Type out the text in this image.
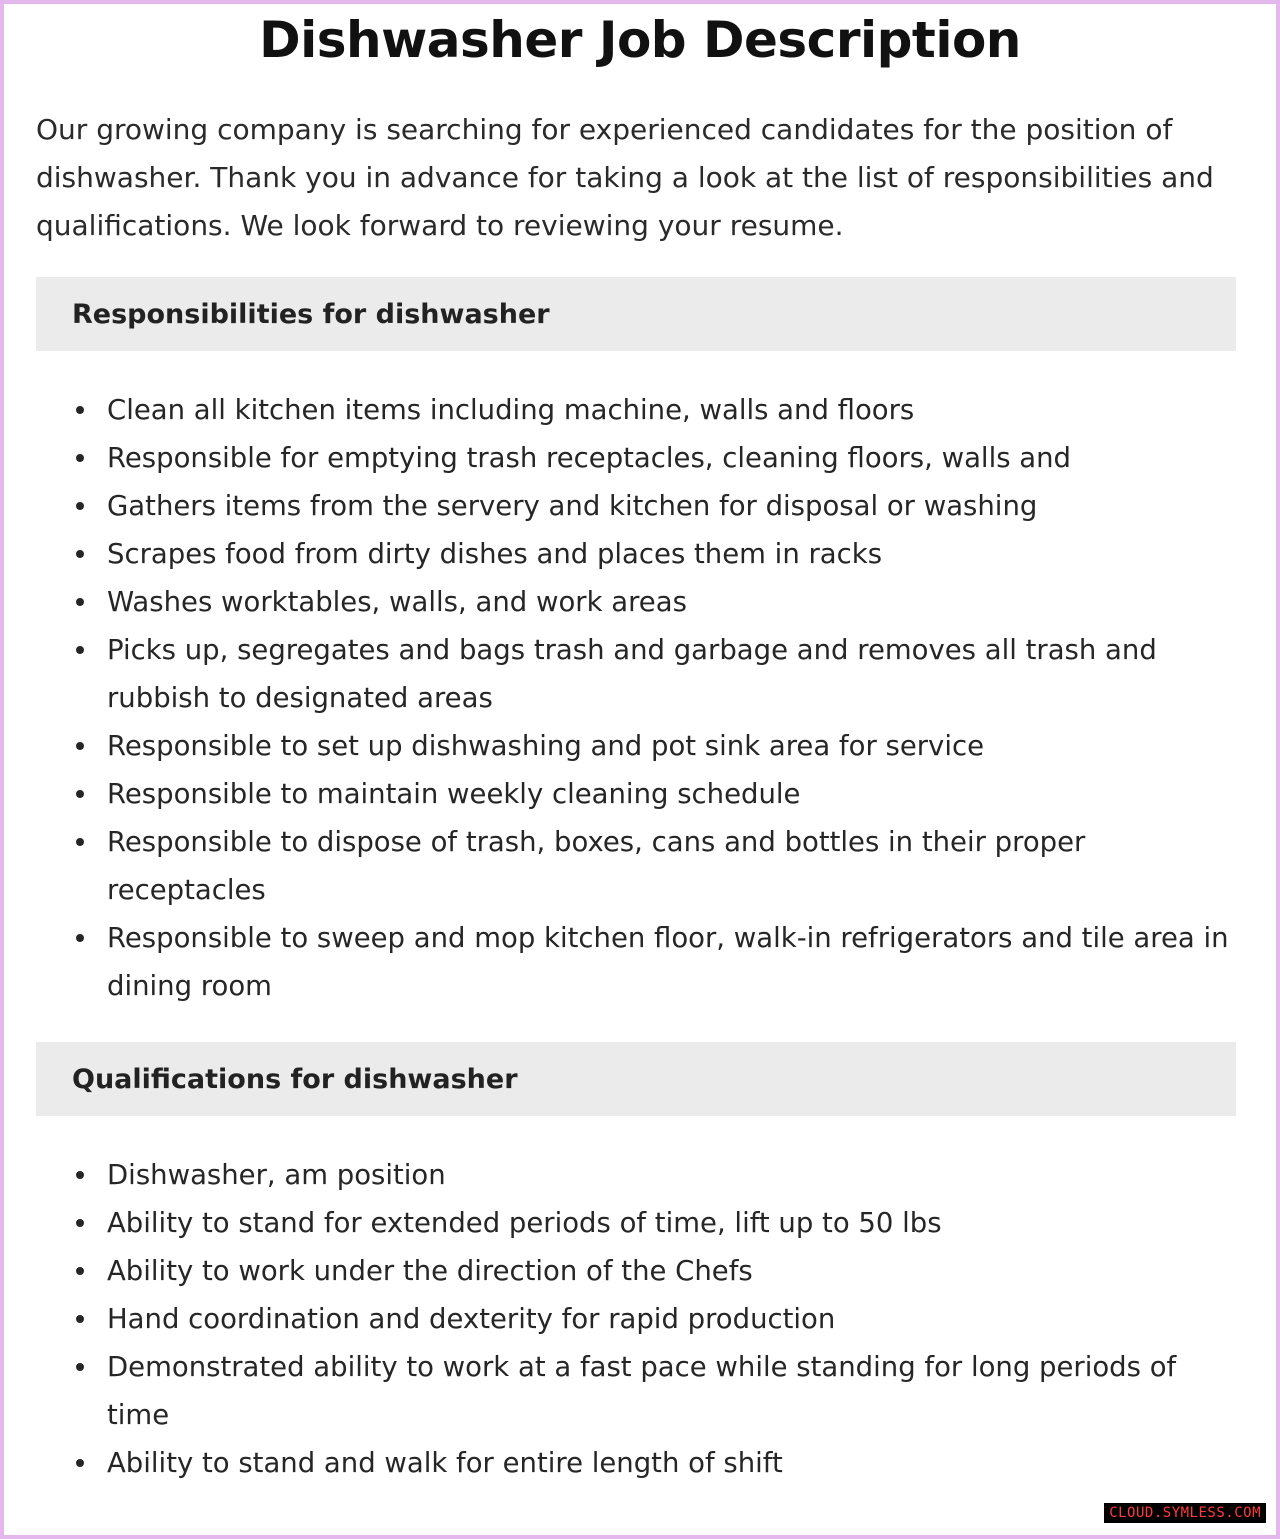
Dishwasher Job Description

Our growing company is searching for experienced candidates for the position of dishwasher. Thank you in advance for taking a look at the list of responsibilities and qualifications. We look forward to reviewing your resume.

Responsibilities for dishwasher
Clean all kitchen items including machine, walls and floors
Responsible for emptying trash receptacles, cleaning floors, walls and
Gathers items from the servery and kitchen for disposal or washing
Scrapes food from dirty dishes and places them in racks
Washes worktables, walls, and work areas
Picks up, segregates and bags trash and garbage and removes all trash and rubbish to designated areas
Responsible to set up dishwashing and pot sink area for service
Responsible to maintain weekly cleaning schedule
Responsible to dispose of trash, boxes, cans and bottles in their proper receptacles
Responsible to sweep and mop kitchen floor, walk-in refrigerators and tile area in dining room
Qualifications for dishwasher
Dishwasher, am position
Ability to stand for extended periods of time, lift up to 50 lbs
Ability to work under the direction of the Chefs
Hand coordination and dexterity for rapid production
Demonstrated ability to work at a fast pace while standing for long periods of time
Ability to stand and walk for entire length of shift
CLOUD.SYMLESS.COM
